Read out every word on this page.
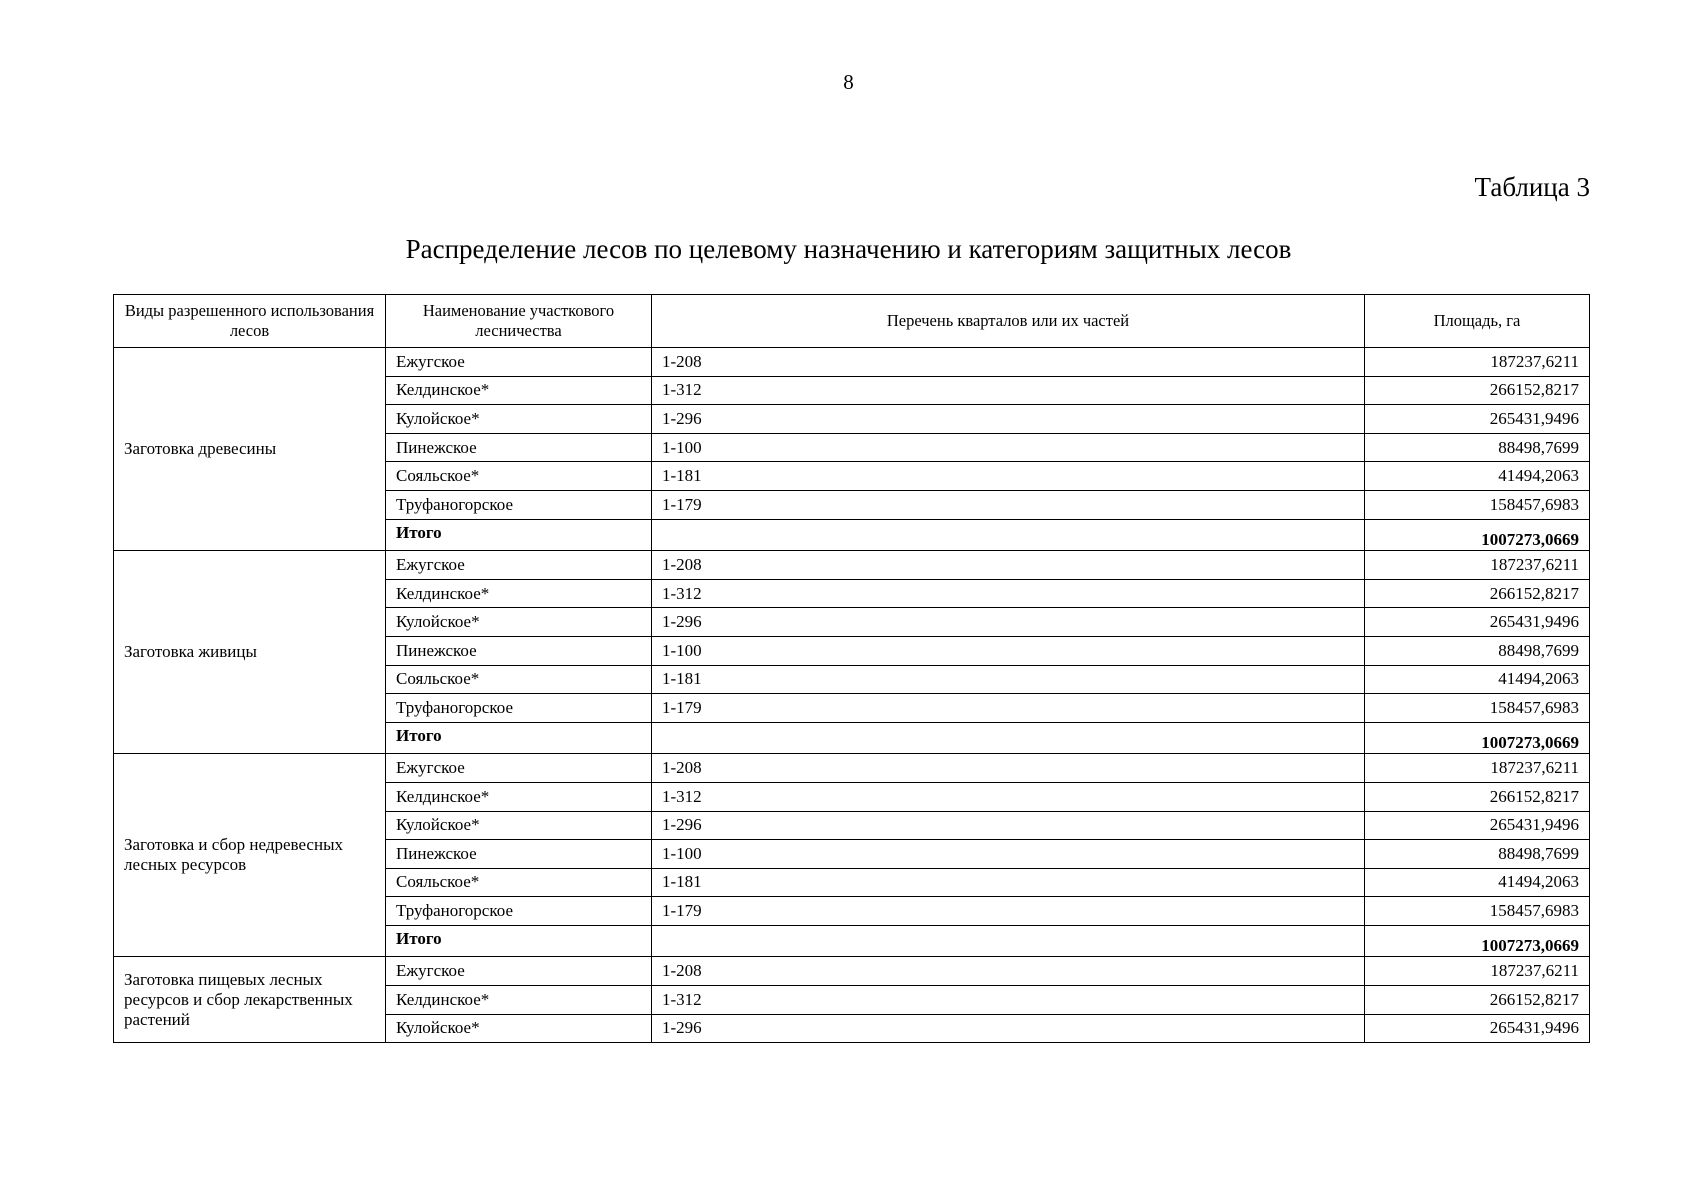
8
Таблица 3
Распределение лесов по целевому назначению и категориям защитных лесов
Виды разрешенного использования лесов	Наименование участкового лесничества	Перечень кварталов или их частей	Площадь, га
Заготовка древесины	Ежугское	1-208	187237,6211
	Келдинское*	1-312	266152,8217
	Кулойское*	1-296	265431,9496
	Пинежское	1-100	88498,7699
	Сояльское*	1-181	41494,2063
	Труфаногорское	1-179	158457,6983
	Итого		1007273,0669
Заготовка живицы	Ежугское	1-208	187237,6211
	Келдинское*	1-312	266152,8217
	Кулойское*	1-296	265431,9496
	Пинежское	1-100	88498,7699
	Сояльское*	1-181	41494,2063
	Труфаногорское	1-179	158457,6983
	Итого		1007273,0669
Заготовка и сбор недревесных лесных ресурсов	Ежугское	1-208	187237,6211
	Келдинское*	1-312	266152,8217
	Кулойское*	1-296	265431,9496
	Пинежское	1-100	88498,7699
	Сояльское*	1-181	41494,2063
	Труфаногорское	1-179	158457,6983
	Итого		1007273,0669
Заготовка пищевых лесных ресурсов и сбор лекарственных растений	Ежугское	1-208	187237,6211
	Келдинское*	1-312	266152,8217
	Кулойское*	1-296	265431,9496
